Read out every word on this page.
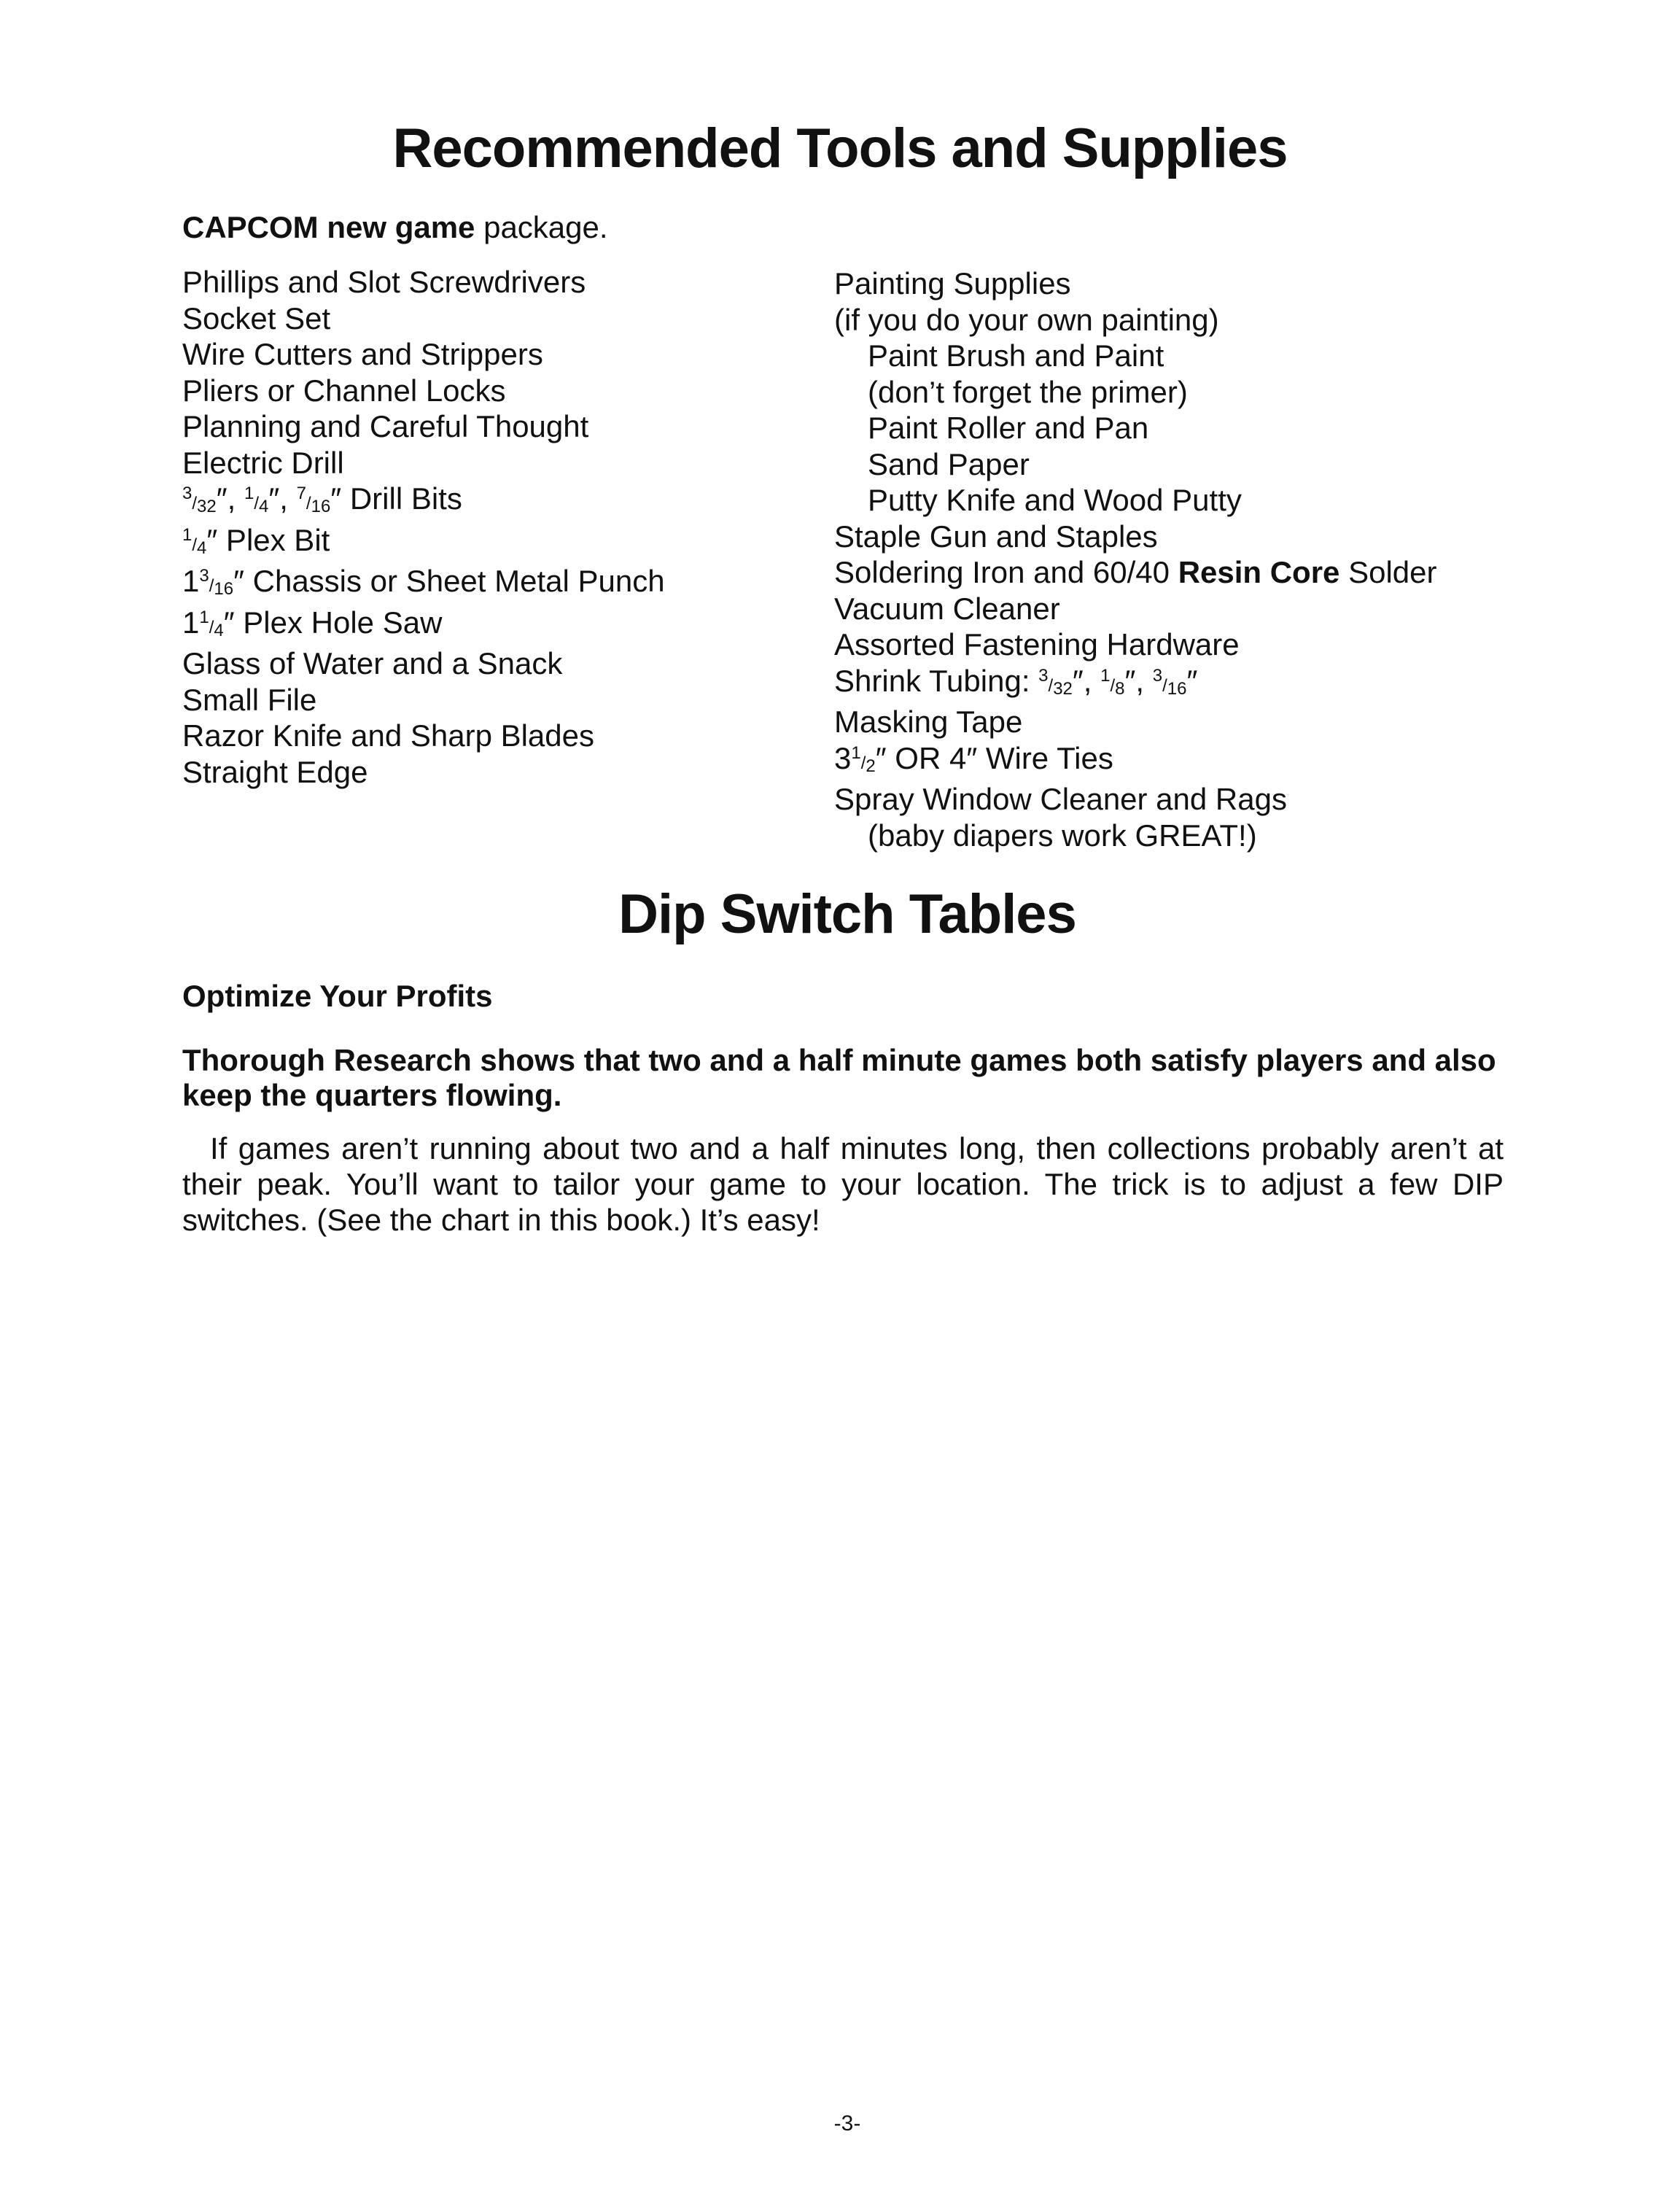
Recommended Tools and Supplies

CAPCOM new game package.

Phillips and Slot Screwdrivers
Socket Set
Wire Cutters and Strippers
Pliers or Channel Locks
Planning and Careful Thought
Electric Drill
3/32″, 1/4″, 7/16″ Drill Bits
1/4″ Plex Bit
13/16″ Chassis or Sheet Metal Punch
11/4″ Plex Hole Saw
Glass of Water and a Snack
Small File
Razor Knife and Sharp Blades
Straight Edge
Painting Supplies
(if you do your own painting)
Paint Brush and Paint
(don’t forget the primer)
Paint Roller and Pan
Sand Paper
Putty Knife and Wood Putty
Staple Gun and Staples
Soldering Iron and 60/40 Resin Core Solder
Vacuum Cleaner
Assorted Fastening Hardware
Shrink Tubing: 3/32″, 1/8″, 3/16″
Masking Tape
31/2″ OR 4″ Wire Ties
Spray Window Cleaner and Rags
(baby diapers work GREAT!)
Dip Switch Tables
Optimize Your Profits

Thorough Research shows that two and a half minute games both satisfy players and also keep the quarters flowing.

If games aren’t running about two and a half minutes long, then collections probably aren’t at their peak. You’ll want to tailor your game to your location. The trick is to adjust a few DIP switches. (See the chart in this book.) It’s easy!

-3-
